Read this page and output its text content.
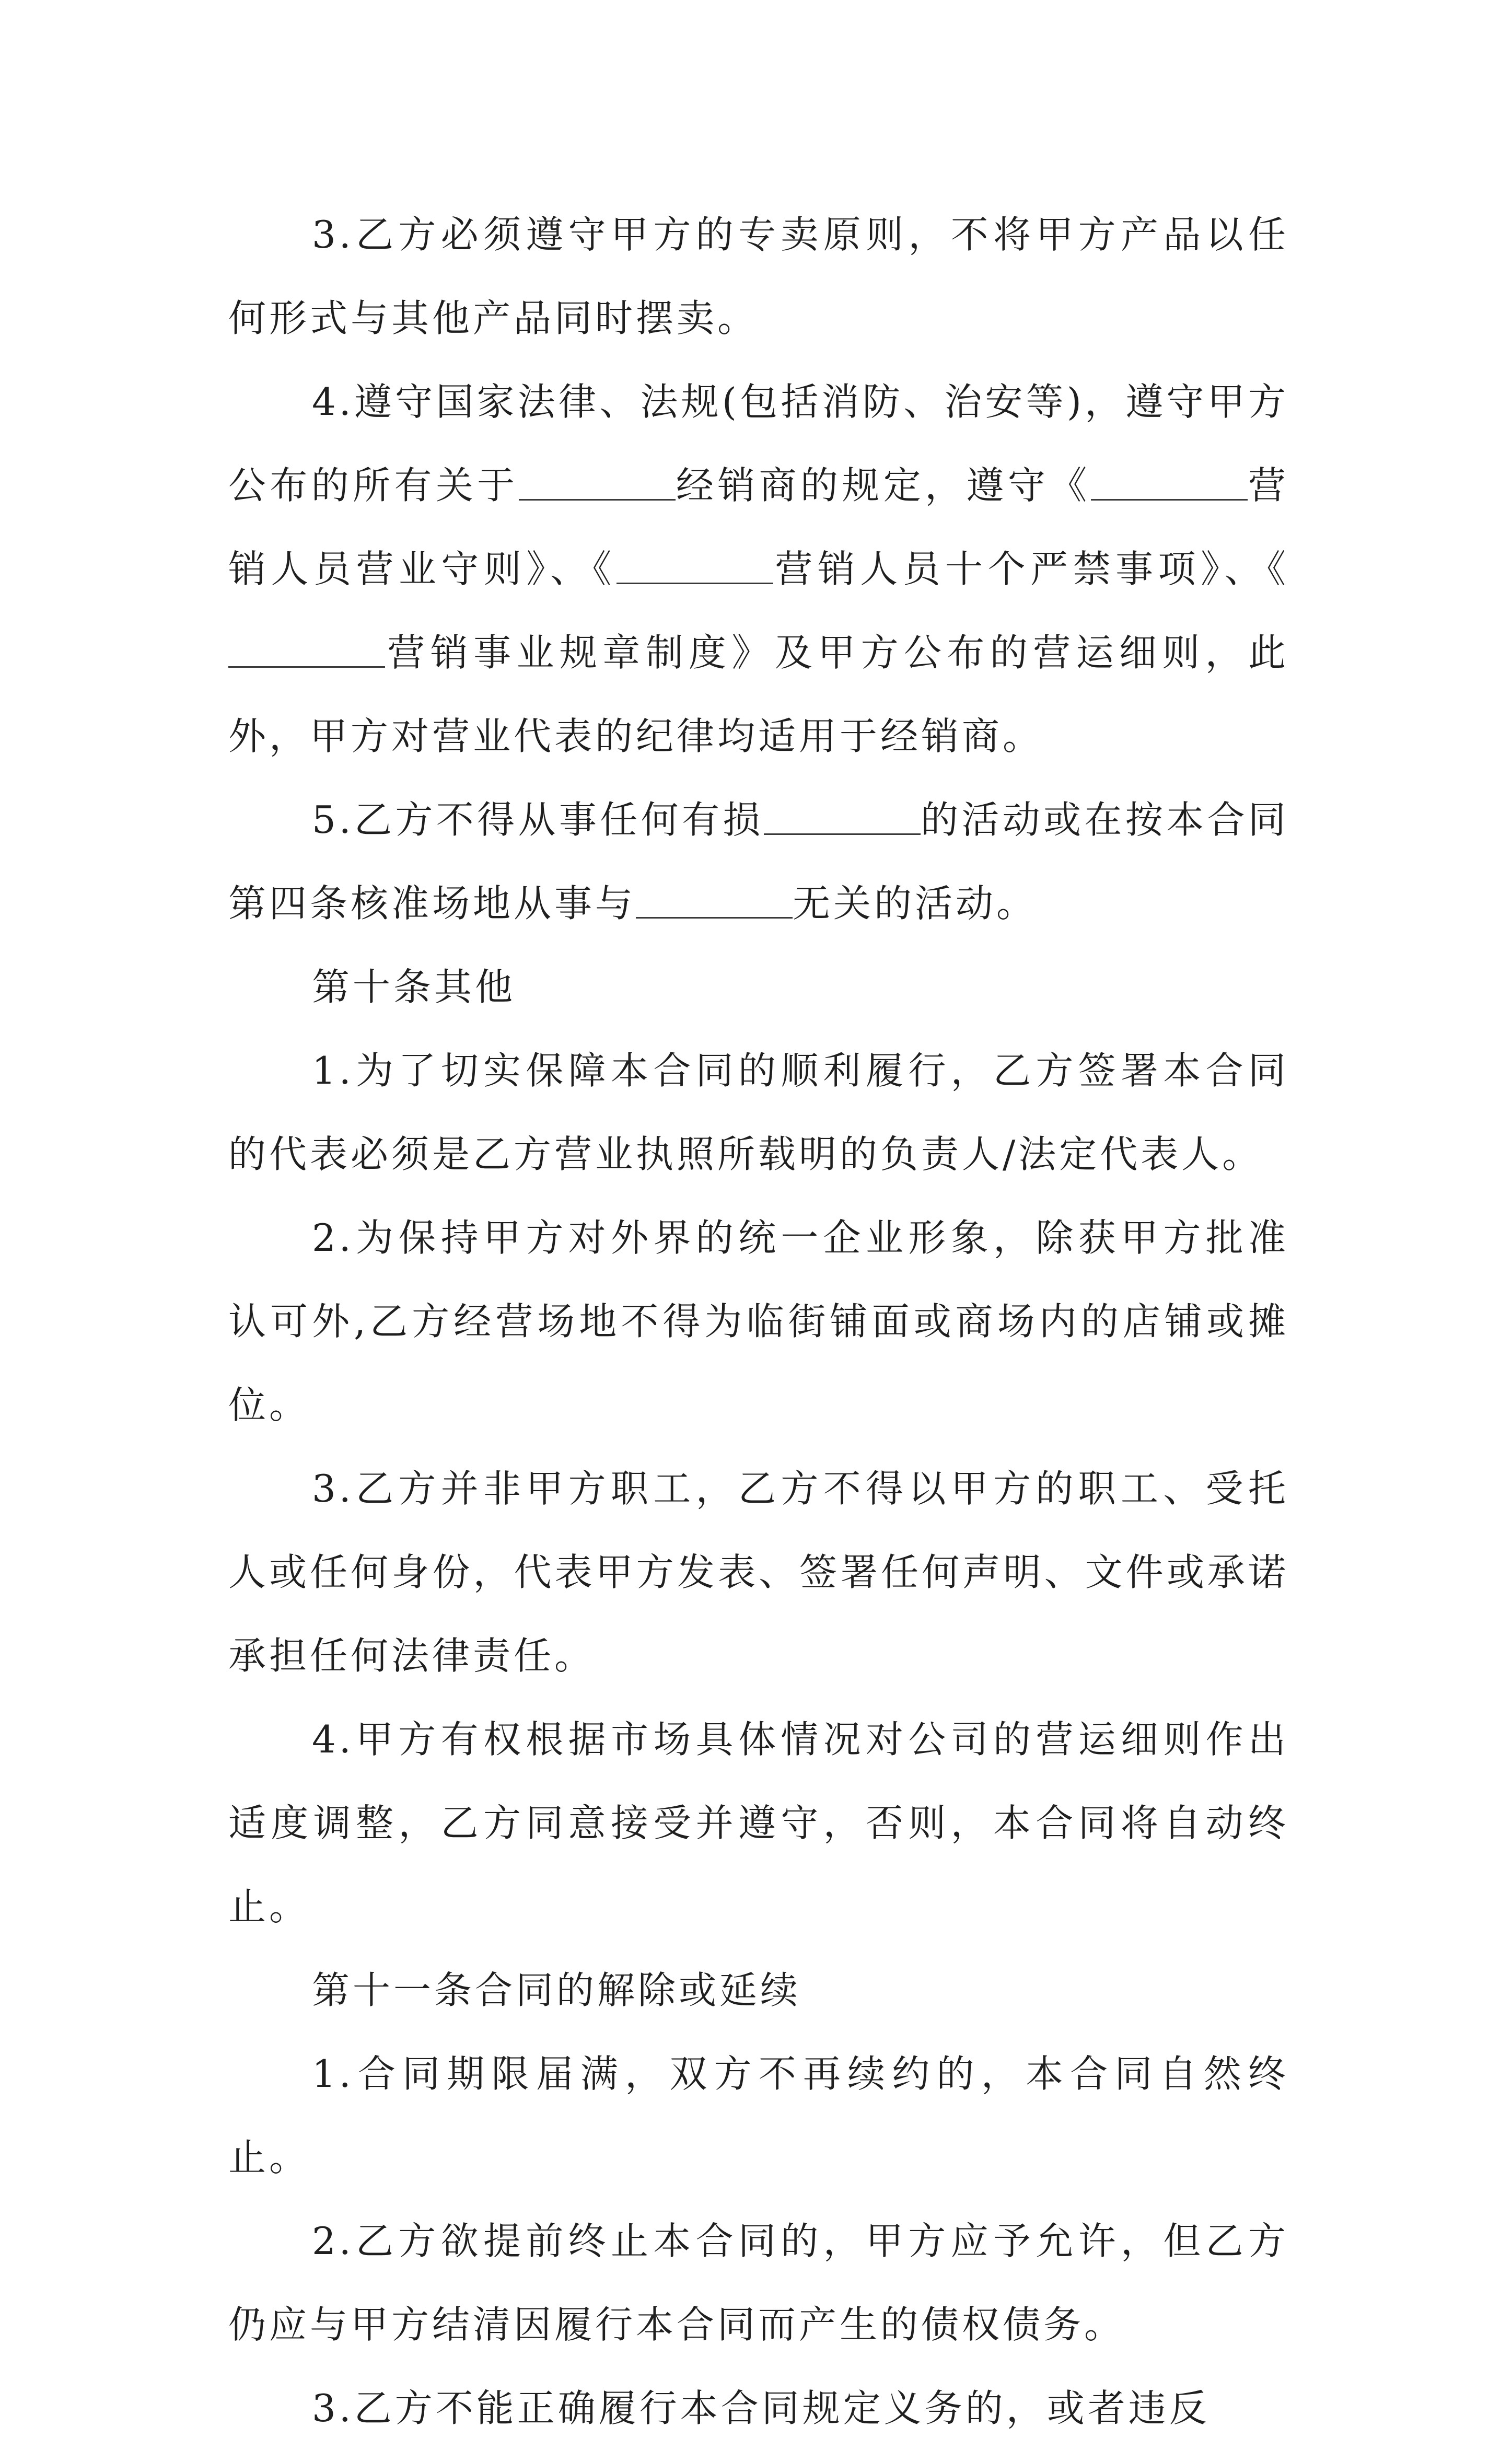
3.乙方必须遵守甲方的专卖原则，不将甲方产品以任何形式与其他产品同时摆卖。

4.遵守国家法律、法规(包括消防、治安等)，遵守甲方公布的所有关于	经销商的规定，遵守《	营销人员营业守则》、《	营销人员十个严禁事项》、《营销事业规章制度》及甲方公布的营运细则，此外，甲方对营业代表的纪律均适用于经销商。

5.乙方不得从事任何有损	的活动或在按本合同第四条核准场地从事与	无关的活动。

第十条其他

1.为了切实保障本合同的顺利履行，乙方签署本合同的代表必须是乙方营业执照所载明的负责人/法定代表人。

2.为保持甲方对外界的统一企业形象，除获甲方批准认可外,乙方经营场地不得为临街铺面或商场内的店铺或摊位。

3.乙方并非甲方职工，乙方不得以甲方的职工、受托人或任何身份，代表甲方发表、签署任何声明、文件或承诺承担任何法律责任。

4.甲方有权根据市场具体情况对公司的营运细则作出适度调整，乙方同意接受并遵守，否则，本合同将自动终止。

第十一条合同的解除或延续

1.合同期限届满，双方不再续约的，本合同自然终止。

2.乙方欲提前终止本合同的，甲方应予允许，但乙方仍应与甲方结清因履行本合同而产生的债权债务。

3.乙方不能正确履行本合同规定义务的，或者违反
